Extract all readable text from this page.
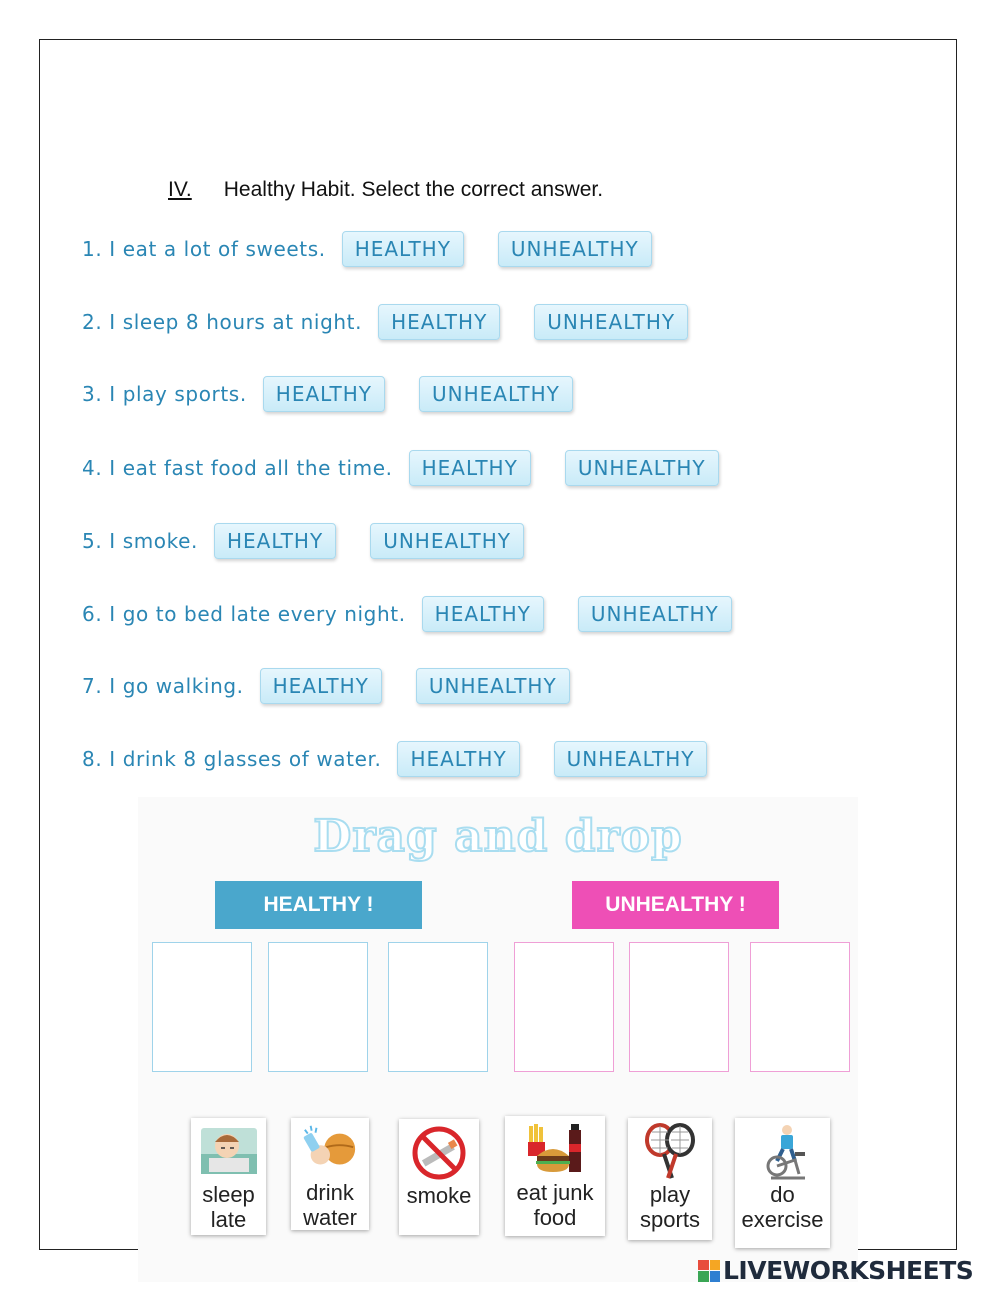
IV. Healthy Habit. Select the correct answer.
1. I eat a lot of sweets.	HEALTHY	UNHEALTHY
2. I sleep 8 hours at night.	HEALTHY	UNHEALTHY
3. I play sports.	HEALTHY	UNHEALTHY
4. I eat fast food all the time.	HEALTHY	UNHEALTHY
5. I smoke.	HEALTHY	UNHEALTHY
6. I go to bed late every night.	HEALTHY	UNHEALTHY
7. I go walking.	HEALTHY	UNHEALTHY
8. I drink 8 glasses of water.	HEALTHY	UNHEALTHY
Drag and drop
HEALTHY !	UNHEALTHY !
sleep
late
drink
water
smoke eat junk
food
play
sports
do
exercise
LIVEWORKSHEETS
